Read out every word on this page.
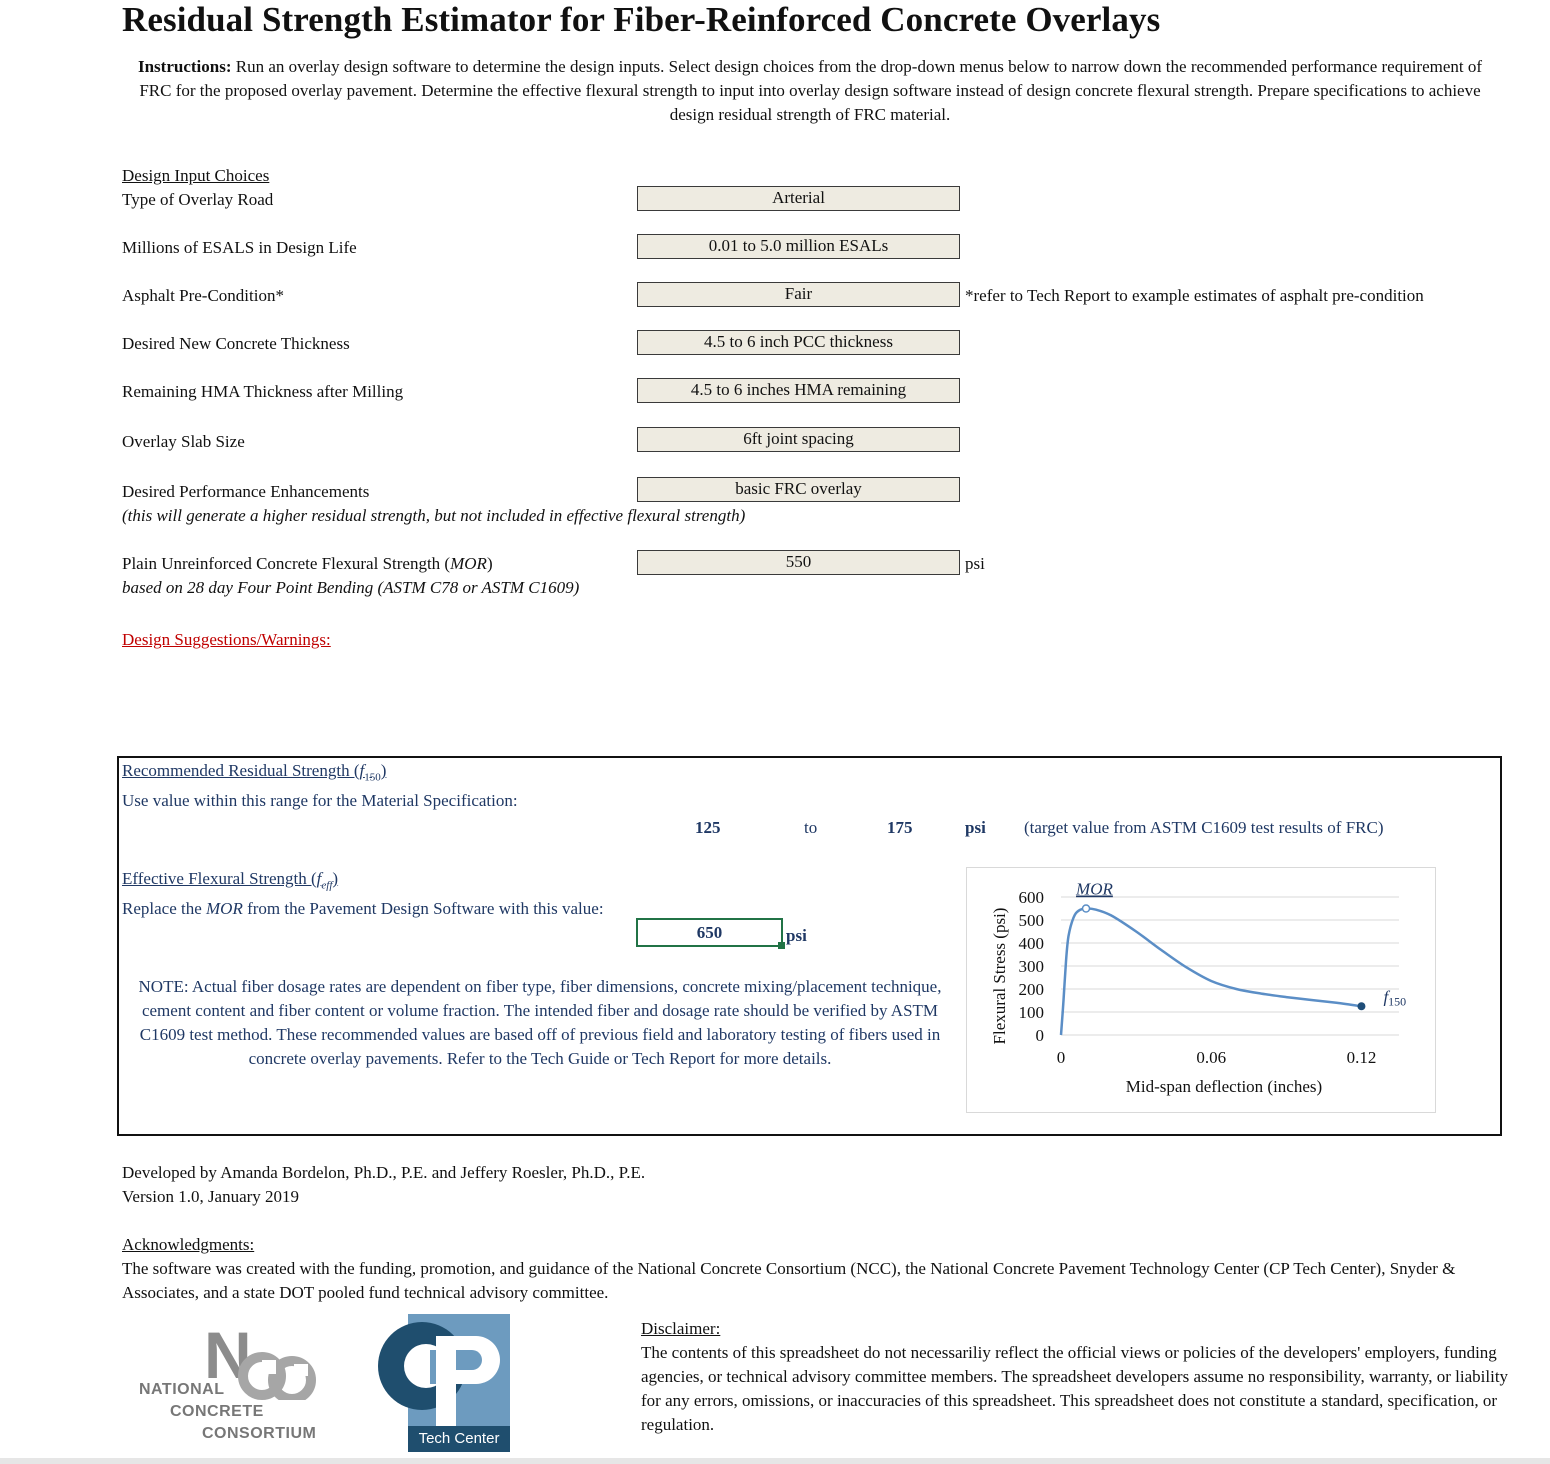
Residual Strength Estimator for Fiber-Reinforced Concrete Overlays
Instructions: Run an overlay design software to determine the design inputs. Select design choices from the drop-down menus below to narrow down the recommended performance requirement of FRC for the proposed overlay pavement. Determine the effective flexural strength to input into overlay design software instead of design concrete flexural strength. Prepare specifications to achieve design residual strength of FRC material.
Design Input Choices
Type of Overlay Road	Arterial
Millions of ESALS in Design Life	0.01 to 5.0 million ESALs
Asphalt Pre-Condition*	Fair	*refer to Tech Report to example estimates of asphalt pre-condition
Desired New Concrete Thickness	4.5 to 6 inch PCC thickness
Remaining HMA Thickness after Milling	4.5 to 6 inches HMA remaining
Overlay Slab Size	6ft joint spacing
Desired Performance Enhancements	basic FRC overlay
(this will generate a higher residual strength, but not included in effective flexural strength)
Plain Unreinforced Concrete Flexural Strength (MOR)	550	psi
based on 28 day Four Point Bending (ASTM C78 or ASTM C1609)
Design Suggestions/Warnings:
Recommended Residual Strength $(f_{150})$
Use value within this range for the Material Specification:
125	to	175	psi (target value from ASTM C1609 test results of FRC)
Effective Flexural Strength $(f_{eff})$
Replace the MOR from the Pavement Design Software with this value:
650	psi
NOTE: Actual fiber dosage rates are dependent on fiber type, fiber dimensions, concrete mixing/placement technique, cement content and fiber content or volume fraction. The intended fiber and dosage rate should be verified by ASTM C1609 test method. These recommended values are based off of previous field and laboratory testing of fibers used in concrete overlay pavements. Refer to the Tech Guide or Tech Report for more details.
0
100
200
300
400
500
600
0	0.06	0.12
MOR
f150
Flexural Stress (psi)
Mid-span deflection (inches)
Developed by Amanda Bordelon, Ph.D., P.E. and Jeffery Roesler, Ph.D., P.E.
Version 1.0, January 2019
Acknowledgments:
The software was created with the funding, promotion, and guidance of the National Concrete Consortium (NCC), the National Concrete Pavement Technology Center (CP Tech Center), Snyder & Associates, and a state DOT pooled fund technical advisory committee.
Disclaimer:
The contents of this spreadsheet do not necessariliy reflect the official views or policies of the developers' employers, funding agencies, or technical advisory committee members. The spreadsheet developers assume no responsibility, warranty, or liability for any errors, omissions, or inaccuracies of this spreadsheet. This spreadsheet does not constitute a standard, specification, or regulation.
N
NATIONAL
CONCRETE
CONSORTIUM	Tech Center
